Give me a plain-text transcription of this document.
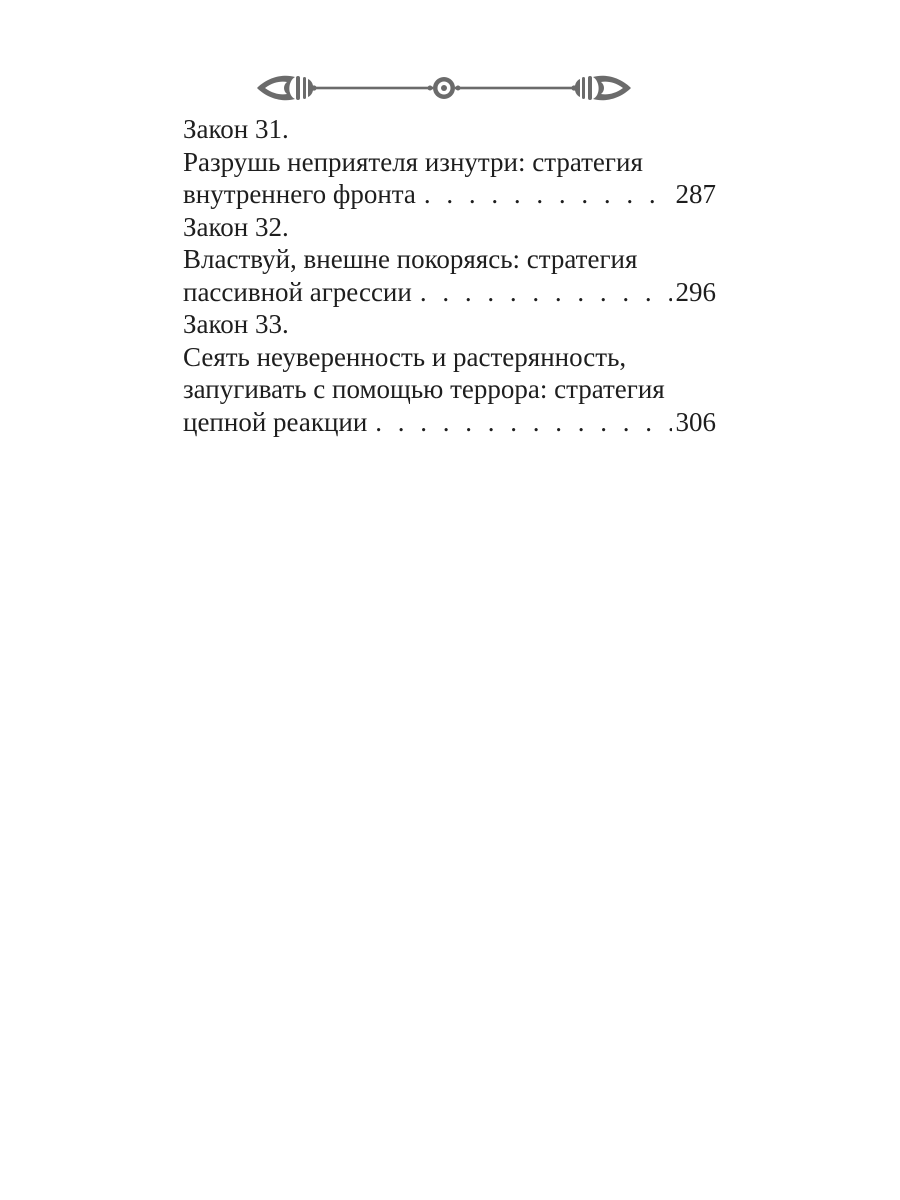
Закон 31.
Разрушь неприятеля изнутри: стратегия
внутреннего фронта . . .	287
Закон 32.
Властвуй, внешне покоряясь: стратегия
пассивной агрессии . . .	296
Закон 33.
Сеять неуверенность и растерянность,
запугивать с помощью террора: стратегия
цепной реакции . . .	306
